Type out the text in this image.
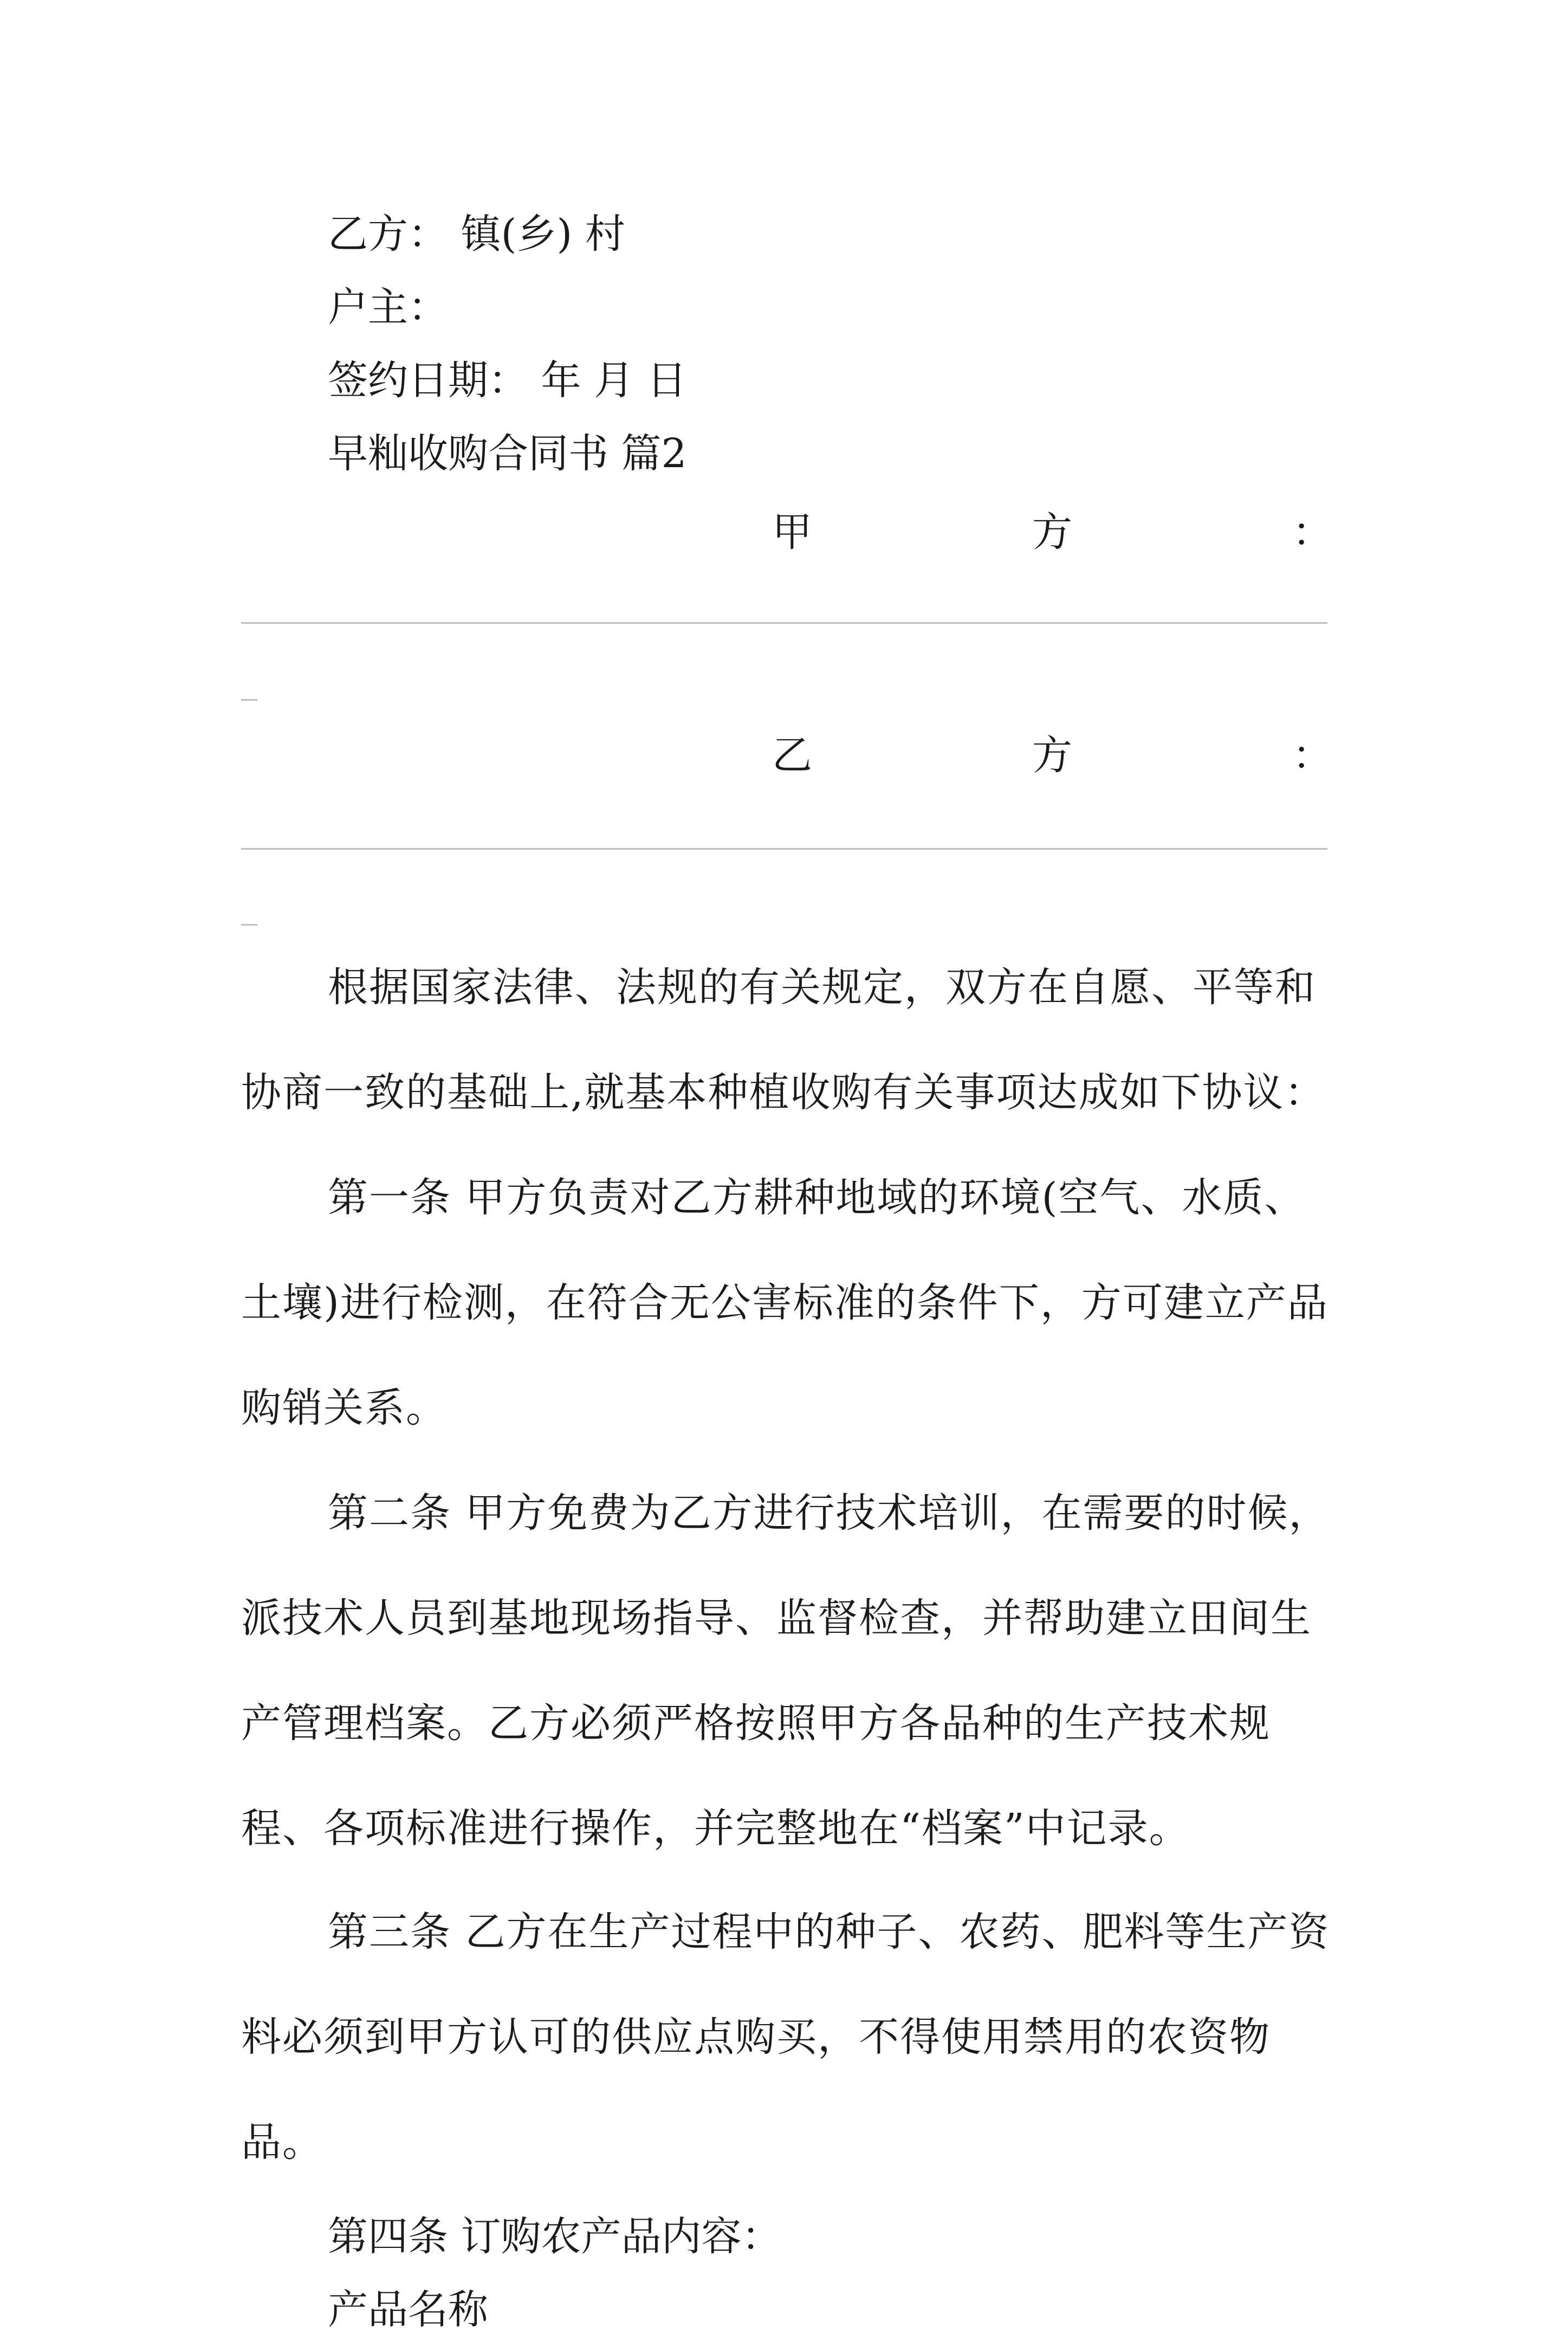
乙方： 镇(乡) 村
户主：
签约日期： 年 月 日
早籼收购合同书 篇2
甲	方	：
乙	方	：

根据国家法律、法规的有关规定，双方在自愿、平等和协商一致的基础上,就基本种植收购有关事项达成如下协议：

第一条 甲方负责对乙方耕种地域的环境(空气、水质、土壤)进行检测，在符合无公害标准的条件下，方可建立产品购销关系。

第二条 甲方免费为乙方进行技术培训，在需要的时候，派技术人员到基地现场指导、监督检查，并帮助建立田间生产管理档案。乙方必须严格按照甲方各品种的生产技术规程、各项标准进行操作，并完整地在“档案”中记录。

第三条 乙方在生产过程中的种子、农药、肥料等生产资料必须到甲方认可的供应点购买，不得使用禁用的农资物品。

第四条 订购农产品内容：
产品名称
